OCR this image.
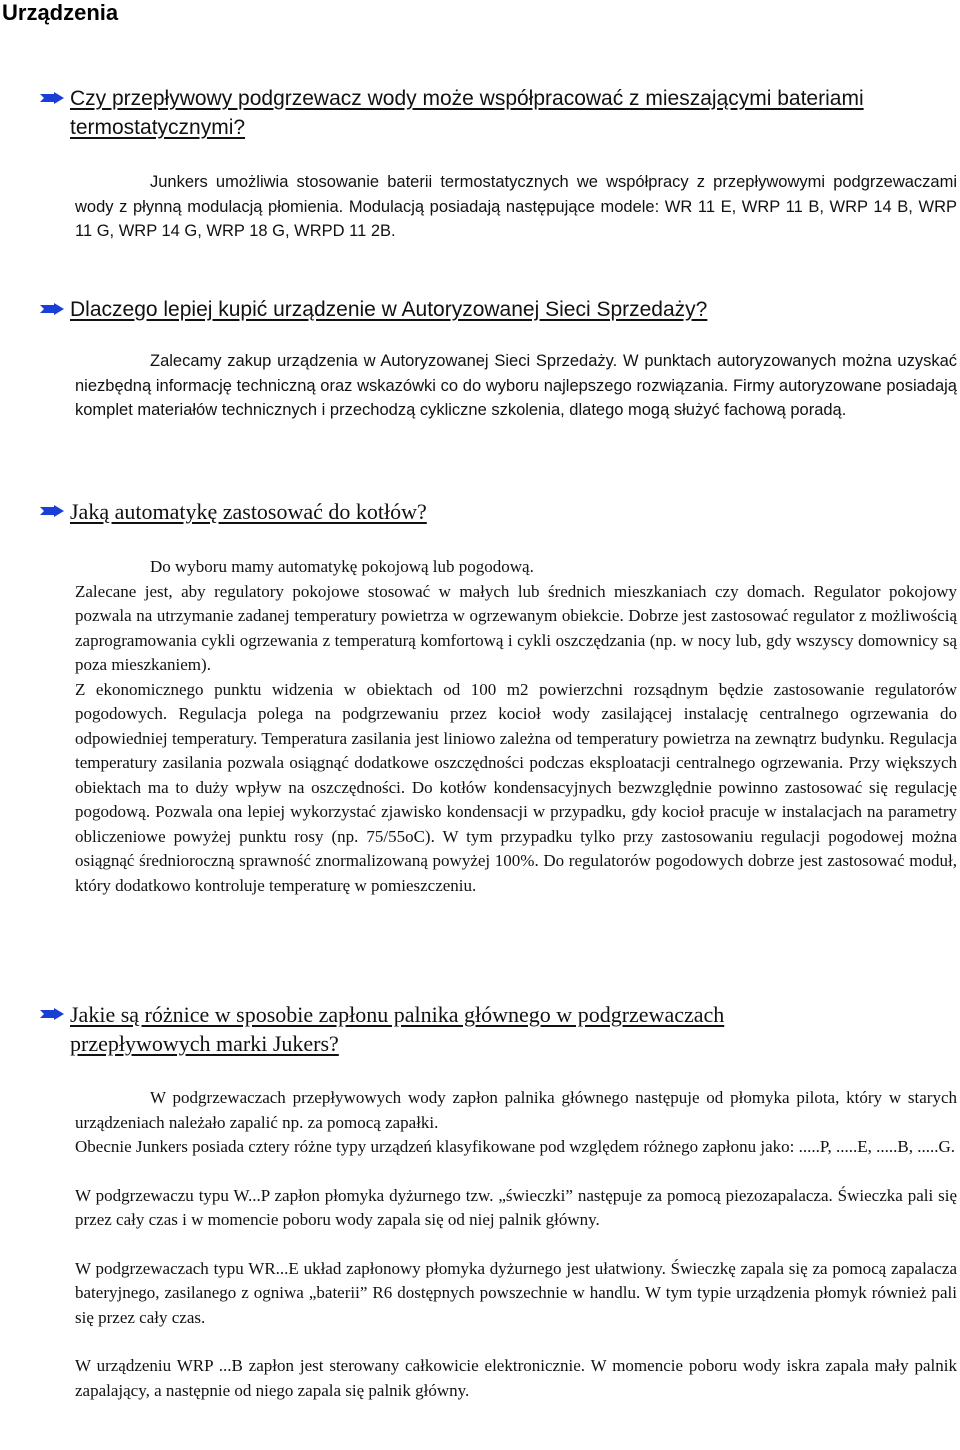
Urządzenia
Czy przepływowy podgrzewacz wody może współpracować z mieszającymi bateriami termostatycznymi?

Junkers umożliwia stosowanie baterii termostatycznych we współpracy z przepływowymi podgrzewaczami wody z płynną modulacją płomienia. Modulacją posiadają następujące modele: WR 11 E, WRP 11 B, WRP 14 B, WRP 11 G, WRP 14 G, WRP 18 G, WRPD 11 2B.

Dlaczego lepiej kupić urządzenie w Autoryzowanej Sieci Sprzedaży?

Zalecamy zakup urządzenia w Autoryzowanej Sieci Sprzedaży. W punktach autoryzowanych można uzyskać niezbędną informację techniczną oraz wskazówki co do wyboru najlepszego rozwiązania. Firmy autoryzowane posiadają komplet materiałów technicznych i przechodzą cykliczne szkolenia, dlatego mogą służyć fachową poradą.

Jaką automatykę zastosować do kotłów?

Do wyboru mamy automatykę pokojową lub pogodową.

Zalecane jest, aby regulatory pokojowe stosować w małych lub średnich mieszkaniach czy domach. Regulator pokojowy pozwala na utrzymanie zadanej temperatury powietrza w ogrzewanym obiekcie. Dobrze jest zastosować regulator z możliwością zaprogramowania cykli ogrzewania z temperaturą komfortową i cykli oszczędzania (np. w nocy lub, gdy wszyscy domownicy są poza mieszkaniem).

Z ekonomicznego punktu widzenia w obiektach od 100 m2 powierzchni rozsądnym będzie zastosowanie regulatorów pogodowych. Regulacja polega na podgrzewaniu przez kocioł wody zasilającej instalację centralnego ogrzewania do odpowiedniej temperatury. Temperatura zasilania jest liniowo zależna od temperatury powietrza na zewnątrz budynku. Regulacja temperatury zasilania pozwala osiągnąć dodatkowe oszczędności podczas eksploatacji centralnego ogrzewania. Przy większych obiektach ma to duży wpływ na oszczędności. Do kotłów kondensacyjnych bezwzględnie powinno zastosować się regulację pogodową. Pozwala ona lepiej wykorzystać zjawisko kondensacji w przypadku, gdy kocioł pracuje w instalacjach na parametry obliczeniowe powyżej punktu rosy (np. 75/55oC). W tym przypadku tylko przy zastosowaniu regulacji pogodowej można osiągnąć średnioroczną sprawność znormalizowaną powyżej 100%. Do regulatorów pogodowych dobrze jest zastosować moduł, który dodatkowo kontroluje temperaturę w pomieszczeniu.

Jakie są różnice w sposobie zapłonu palnika głównego w podgrzewaczach przepływowych marki Jukers?

W podgrzewaczach przepływowych wody zapłon palnika głównego następuje od płomyka pilota, który w starych urządzeniach należało zapalić np. za pomocą zapałki.

Obecnie Junkers posiada cztery różne typy urządzeń klasyfikowane pod względem różnego zapłonu jako: .....P, .....E, .....B, .....G.

W podgrzewaczu typu W...P zapłon płomyka dyżurnego tzw. „świeczki” następuje za pomocą piezozapalacza. Świeczka pali się przez cały czas i w momencie poboru wody zapala się od niej palnik główny.

W podgrzewaczach typu WR...E układ zapłonowy płomyka dyżurnego jest ułatwiony. Świeczkę zapala się za pomocą zapalacza bateryjnego, zasilanego z ogniwa „baterii” R6 dostępnych powszechnie w handlu. W tym typie urządzenia płomyk również pali się przez cały czas.

W urządzeniu WRP ...B zapłon jest sterowany całkowicie elektronicznie. W momencie poboru wody iskra zapala mały palnik zapalający, a następnie od niego zapala się palnik główny.
